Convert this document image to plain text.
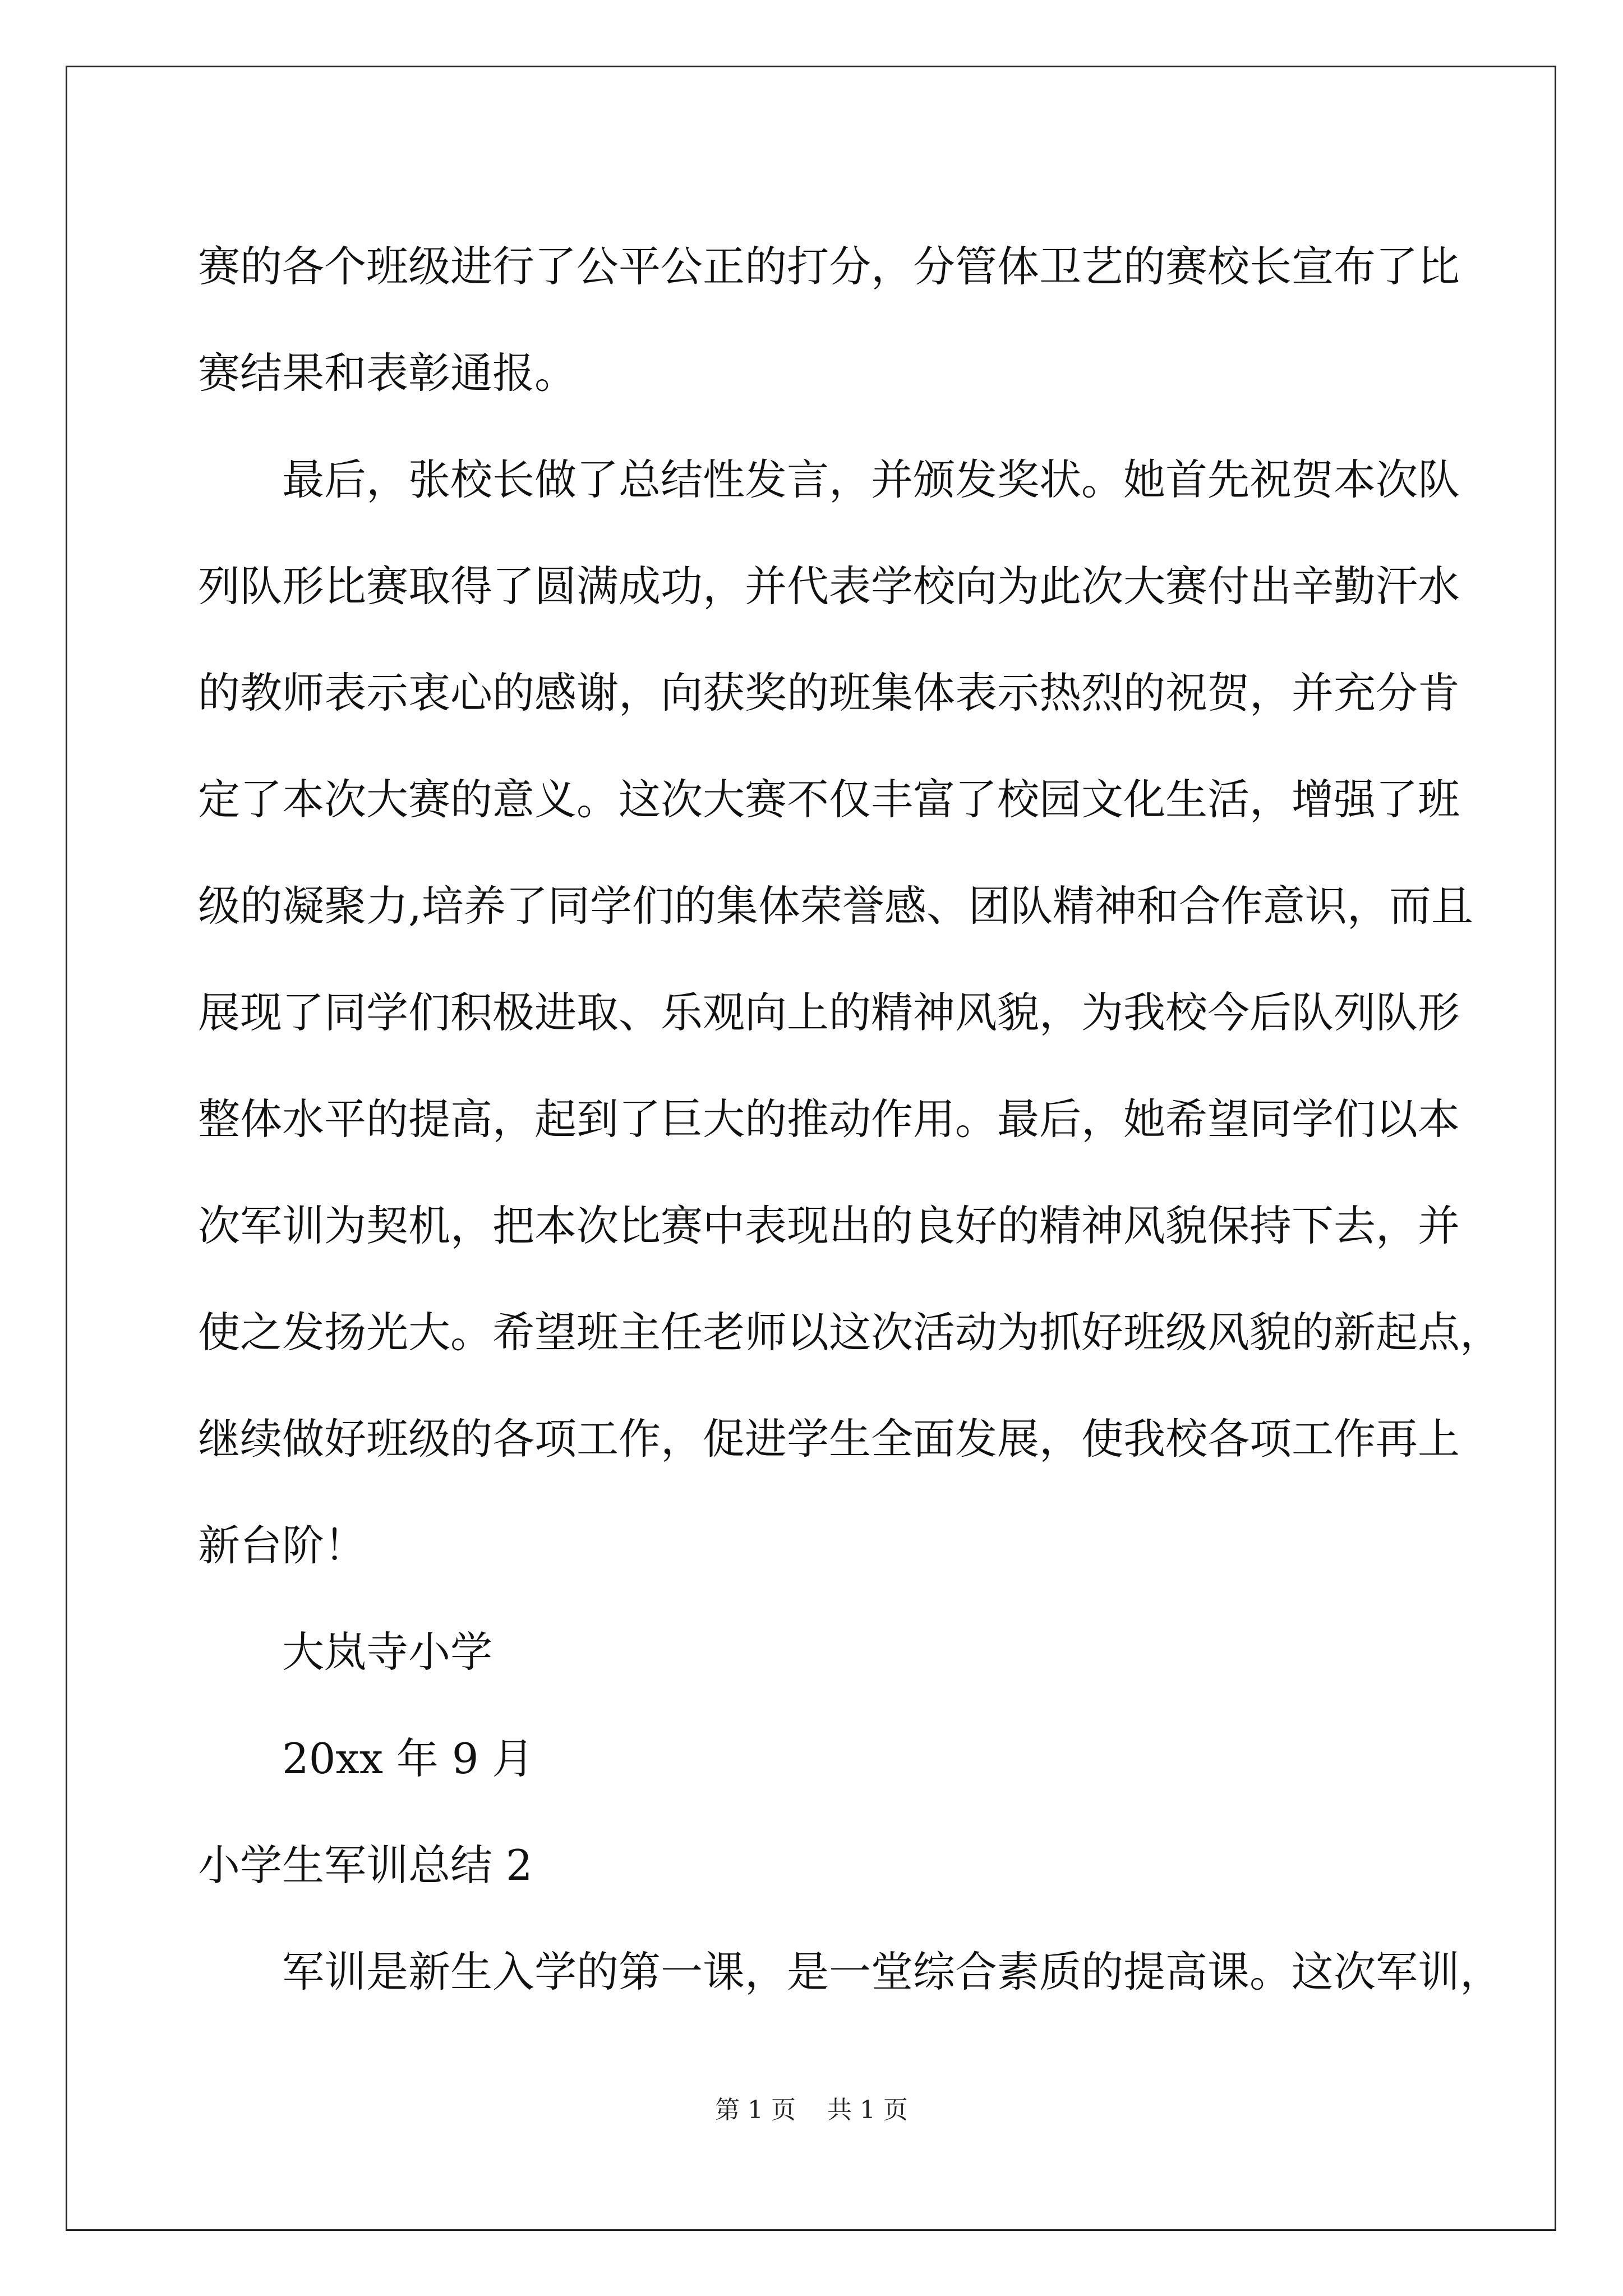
赛的各个班级进行了公平公正的打分，分管体卫艺的赛校长宣布了比
赛结果和表彰通报。
最后，张校长做了总结性发言，并颁发奖状。她首先祝贺本次队
列队形比赛取得了圆满成功，并代表学校向为此次大赛付出辛勤汗水
的教师表示衷心的感谢，向获奖的班集体表示热烈的祝贺，并充分肯
定了本次大赛的意义。这次大赛不仅丰富了校园文化生活，增强了班
级的凝聚力,培养了同学们的集体荣誉感、团队精神和合作意识，而且
展现了同学们积极进取、乐观向上的精神风貌，为我校今后队列队形
整体水平的提高，起到了巨大的推动作用。最后，她希望同学们以本
次军训为契机，把本次比赛中表现出的良好的精神风貌保持下去，并
使之发扬光大。希望班主任老师以这次活动为抓好班级风貌的新起点，
继续做好班级的各项工作，促进学生全面发展，使我校各项工作再上
新台阶！
大岚寺小学
20xx 年 9 月
小学生军训总结 2
军训是新生入学的第一课，是一堂综合素质的提高课。这次军训，
第 1 页    共 1 页
